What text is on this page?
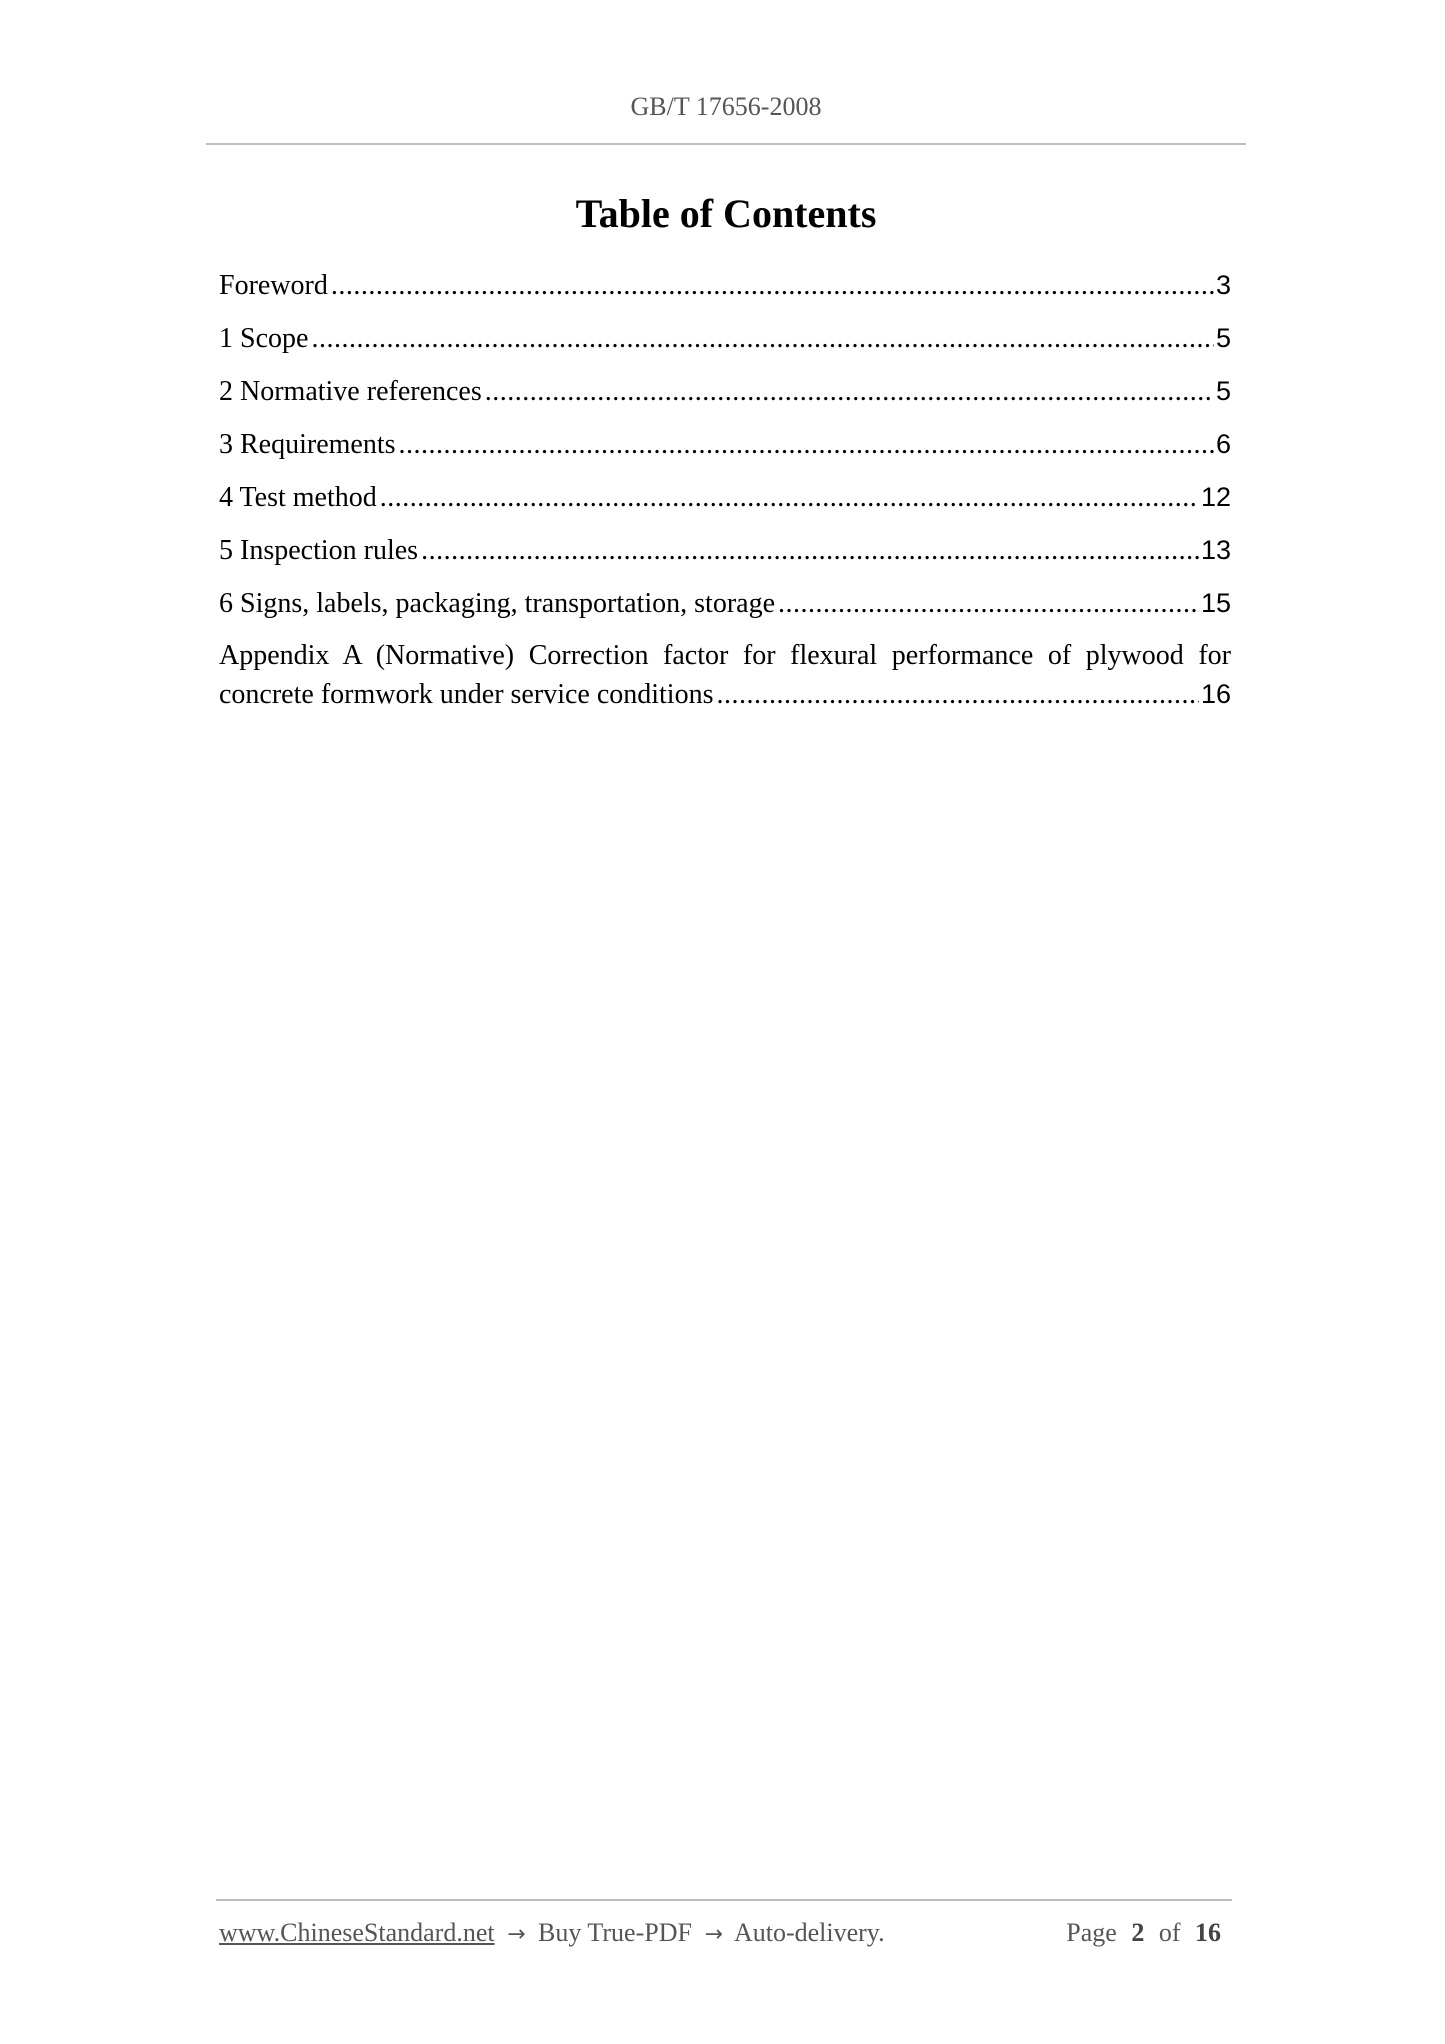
GB/T 17656-2008
Table of Contents
Foreword .....	3
1 Scope .....	5
2 Normative references .....	5
3 Requirements .....	6
4 Test method .....	12
5 Inspection rules .....	13
6 Signs, labels, packaging, transportation, storage .....	15
Appendix A (Normative) Correction factor for flexural performance of plywood for
concrete formwork under service conditions .....	16
www.ChineseStandard.net → Buy True-PDF → Auto-delivery.	Page 2 of 16
